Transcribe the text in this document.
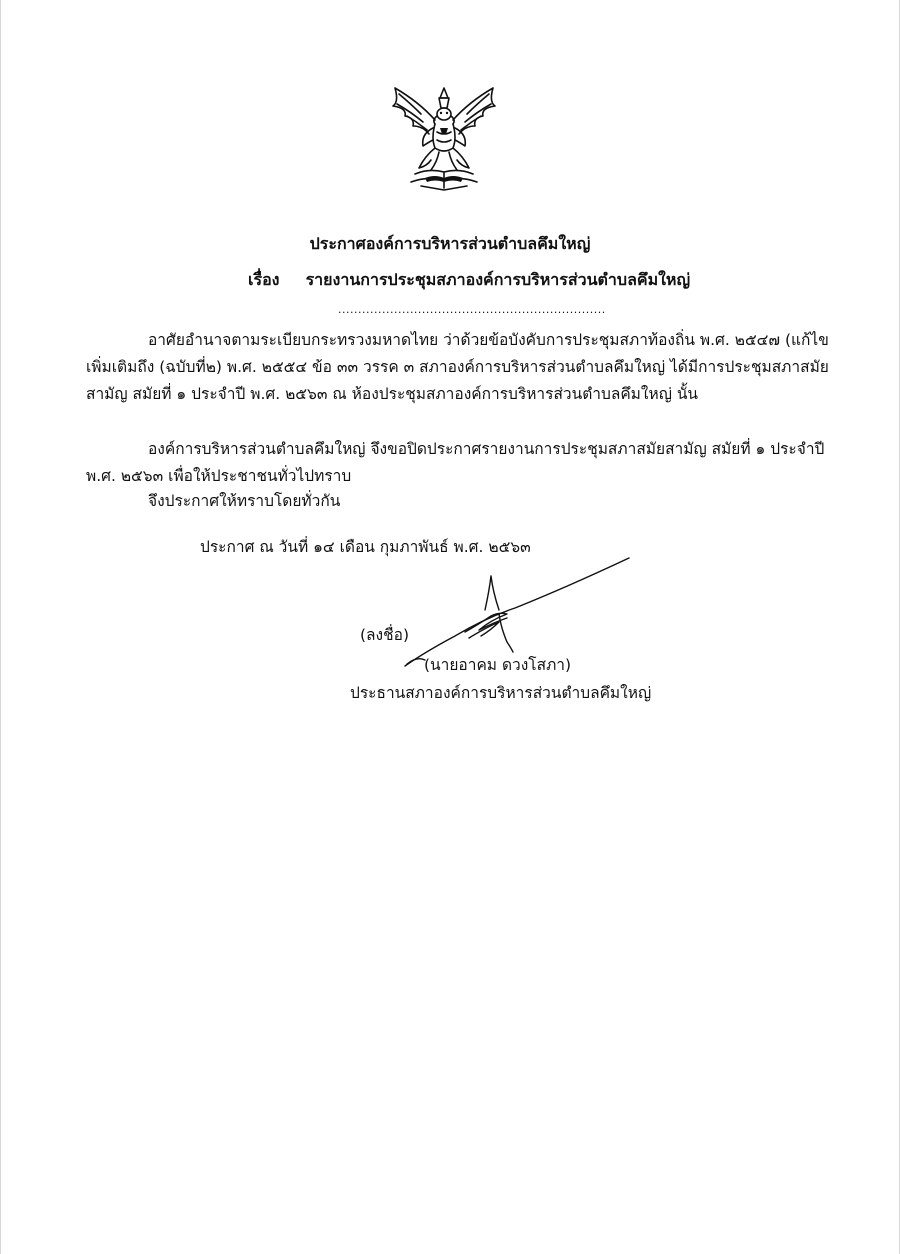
ประกาศองค์การบริหารส่วนตำบลคึมใหญ่
เรื่อง รายงานการประชุมสภาองค์การบริหารส่วนตำบลคึมใหญ่
...................................................................
อาศัยอำนาจตามระเบียบกระทรวงมหาดไทย ว่าด้วยข้อบังคับการประชุมสภาท้องถิ่น พ.ศ. ๒๕๔๗ (แก้ไขเพิ่มเติมถึง (ฉบับที่๒) พ.ศ. ๒๕๕๔ ข้อ ๓๓ วรรค ๓ สภาองค์การบริหารส่วนตำบลคึมใหญ่ ได้มีการประชุมสภาสมัยสามัญ สมัยที่ ๑ ประจำปี พ.ศ. ๒๕๖๓ ณ ห้องประชุมสภาองค์การบริหารส่วนตำบลคึมใหญ่ นั้น
องค์การบริหารส่วนตำบลคึมใหญ่ จึงขอปิดประกาศรายงานการประชุมสภาสมัยสามัญ สมัยที่ ๑ ประจำปี พ.ศ. ๒๕๖๓ เพื่อให้ประชาชนทั่วไปทราบ
จึงประกาศให้ทราบโดยทั่วกัน
ประกาศ ณ วันที่ ๑๔ เดือน กุมภาพันธ์ พ.ศ. ๒๕๖๓
(ลงชื่อ)
(นายอาคม ดวงโสภา)
ประธานสภาองค์การบริหารส่วนตำบลคึมใหญ่
